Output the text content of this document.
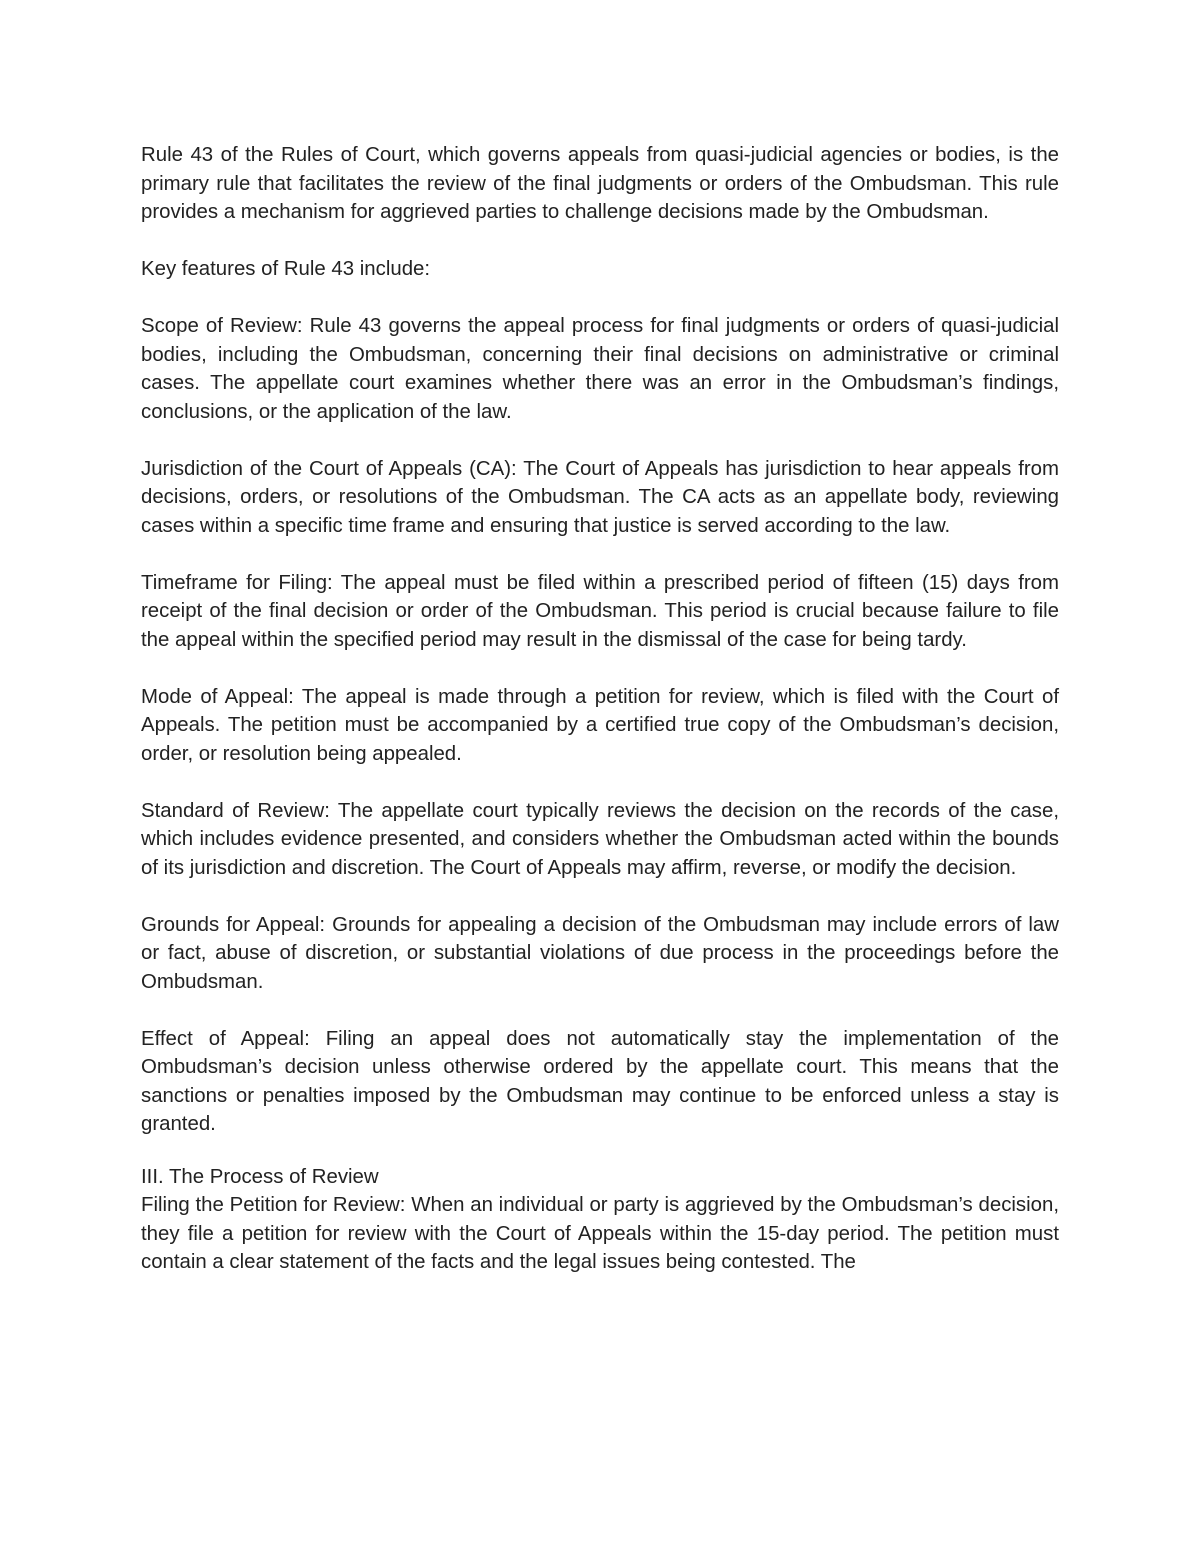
Rule 43 of the Rules of Court, which governs appeals from quasi-judicial agencies or bodies, is the primary rule that facilitates the review of the final judgments or orders of the Ombudsman. This rule provides a mechanism for aggrieved parties to challenge decisions made by the Ombudsman.

Key features of Rule 43 include:

Scope of Review: Rule 43 governs the appeal process for final judgments or orders of quasi-judicial bodies, including the Ombudsman, concerning their final decisions on administrative or criminal cases. The appellate court examines whether there was an error in the Ombudsman’s findings, conclusions, or the application of the law.

Jurisdiction of the Court of Appeals (CA): The Court of Appeals has jurisdiction to hear appeals from decisions, orders, or resolutions of the Ombudsman. The CA acts as an appellate body, reviewing cases within a specific time frame and ensuring that justice is served according to the law.

Timeframe for Filing: The appeal must be filed within a prescribed period of fifteen (15) days from receipt of the final decision or order of the Ombudsman. This period is crucial because failure to file the appeal within the specified period may result in the dismissal of the case for being tardy.

Mode of Appeal: The appeal is made through a petition for review, which is filed with the Court of Appeals. The petition must be accompanied by a certified true copy of the Ombudsman’s decision, order, or resolution being appealed.

Standard of Review: The appellate court typically reviews the decision on the records of the case, which includes evidence presented, and considers whether the Ombudsman acted within the bounds of its jurisdiction and discretion. The Court of Appeals may affirm, reverse, or modify the decision.

Grounds for Appeal: Grounds for appealing a decision of the Ombudsman may include errors of law or fact, abuse of discretion, or substantial violations of due process in the proceedings before the Ombudsman.

Effect of Appeal: Filing an appeal does not automatically stay the implementation of the Ombudsman’s decision unless otherwise ordered by the appellate court. This means that the sanctions or penalties imposed by the Ombudsman may continue to be enforced unless a stay is granted.

III. The Process of Review

Filing the Petition for Review: When an individual or party is aggrieved by the Ombudsman’s decision, they file a petition for review with the Court of Appeals within the 15-day period. The petition must contain a clear statement of the facts and the legal issues being contested. The
